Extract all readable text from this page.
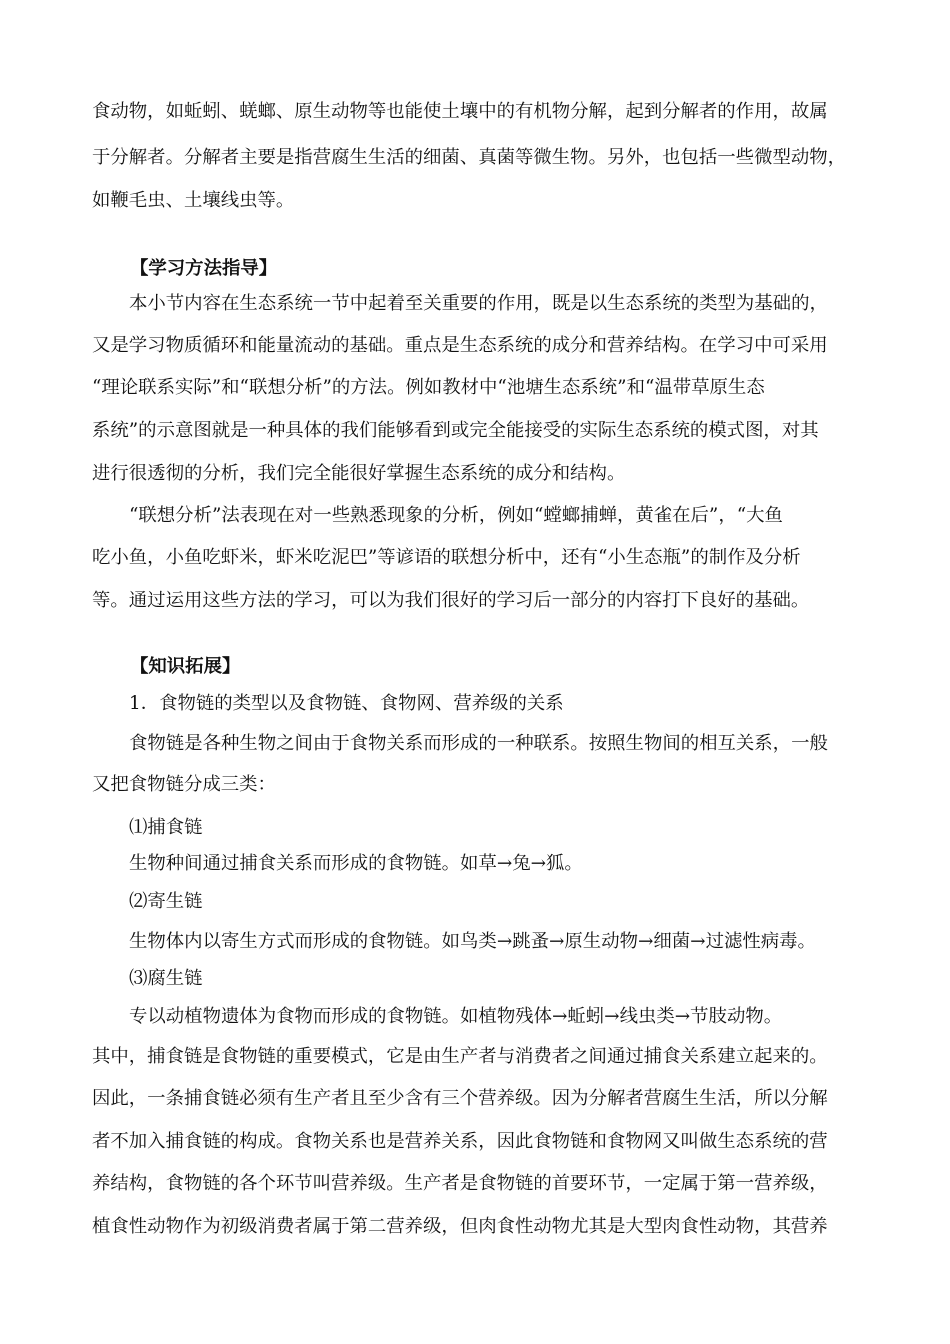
食动物，如蚯蚓、蜣螂、原生动物等也能使土壤中的有机物分解，起到分解者的作用，故属
于分解者。分解者主要是指营腐生生活的细菌、真菌等微生物。另外，也包括一些微型动物，
如鞭毛虫、土壤线虫等。
【学习方法指导】
本小节内容在生态系统一节中起着至关重要的作用，既是以生态系统的类型为基础的，
又是学习物质循环和能量流动的基础。重点是生态系统的成分和营养结构。在学习中可采用
“理论联系实际”和“联想分析”的方法。例如教材中“池塘生态系统”和“温带草原生态
系统”的示意图就是一种具体的我们能够看到或完全能接受的实际生态系统的模式图，对其
进行很透彻的分析，我们完全能很好掌握生态系统的成分和结构。
“联想分析”法表现在对一些熟悉现象的分析，例如“螳螂捕蝉，黄雀在后”，“大鱼
吃小鱼，小鱼吃虾米，虾米吃泥巴”等谚语的联想分析中，还有“小生态瓶”的制作及分析
等。通过运用这些方法的学习，可以为我们很好的学习后一部分的内容打下良好的基础。
【知识拓展】
1．食物链的类型以及食物链、食物网、营养级的关系
食物链是各种生物之间由于食物关系而形成的一种联系。按照生物间的相互关系，一般
又把食物链分成三类：
⑴捕食链
生物种间通过捕食关系而形成的食物链。如草→兔→狐。
⑵寄生链
生物体内以寄生方式而形成的食物链。如鸟类→跳蚤→原生动物→细菌→过滤性病毒。
⑶腐生链
专以动植物遗体为食物而形成的食物链。如植物残体→蚯蚓→线虫类→节肢动物。
其中，捕食链是食物链的重要模式，它是由生产者与消费者之间通过捕食关系建立起来的。
因此，一条捕食链必须有生产者且至少含有三个营养级。因为分解者营腐生生活，所以分解
者不加入捕食链的构成。食物关系也是营养关系，因此食物链和食物网又叫做生态系统的营
养结构，食物链的各个环节叫营养级。生产者是食物链的首要环节，一定属于第一营养级，
植食性动物作为初级消费者属于第二营养级，但肉食性动物尤其是大型肉食性动物，其营养
